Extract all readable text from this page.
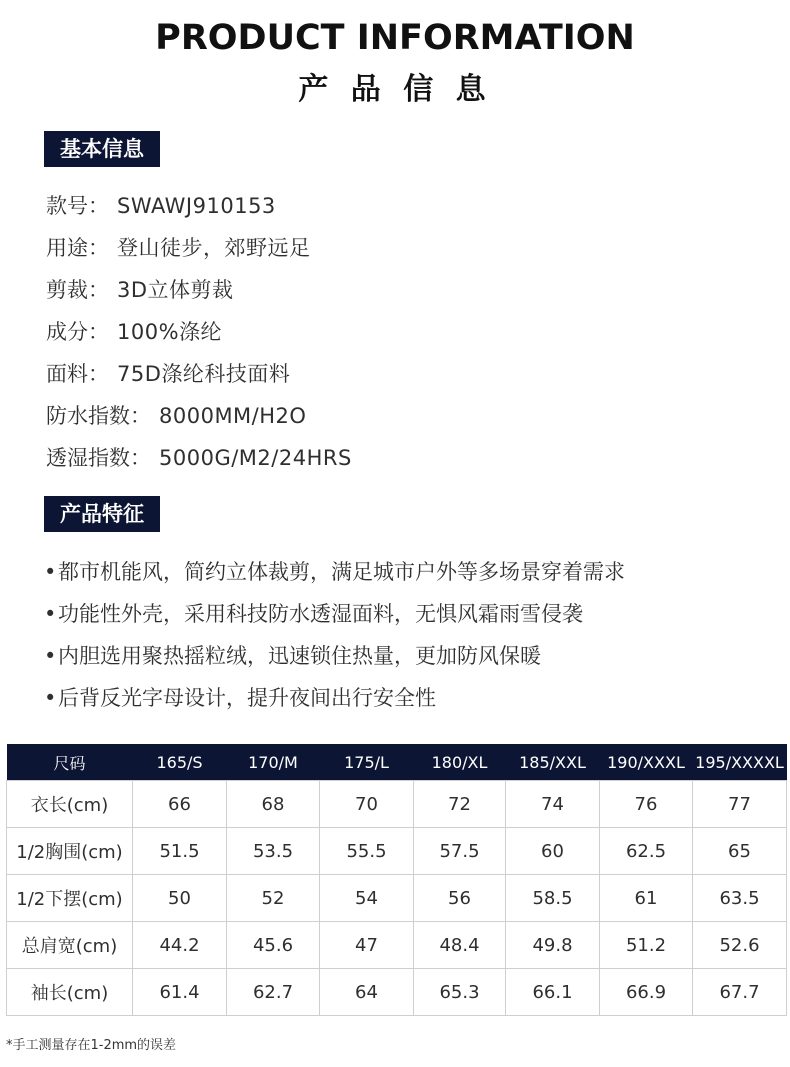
PRODUCT INFORMATION
产 品 信 息
基本信息
款号： SWAWJ910153
用途： 登山徒步，郊野远足
剪裁： 3D立体剪裁
成分： 100%涤纶
面料： 75D涤纶科技面料
防水指数： 8000MM/H2O
透湿指数： 5000G/M2/24HRS
产品特征
•都市机能风，简约立体裁剪，满足城市户外等多场景穿着需求
•功能性外壳，采用科技防水透湿面料，无惧风霜雨雪侵袭
•内胆选用聚热摇粒绒，迅速锁住热量，更加防风保暖
•后背反光字母设计，提升夜间出行安全性
尺码	165/S	170/M	175/L	180/XL	185/XXL	190/XXXL	195/XXXXL
衣长(cm)	66	68	70	72	74	76	77
1/2胸围(cm)	51.5	53.5	55.5	57.5	60	62.5	65
1/2下摆(cm)	50	52	54	56	58.5	61	63.5
总肩宽(cm)	44.2	45.6	47	48.4	49.8	51.2	52.6
袖长(cm)	61.4	62.7	64	65.3	66.1	66.9	67.7
*手工测量存在1-2mm的误差
